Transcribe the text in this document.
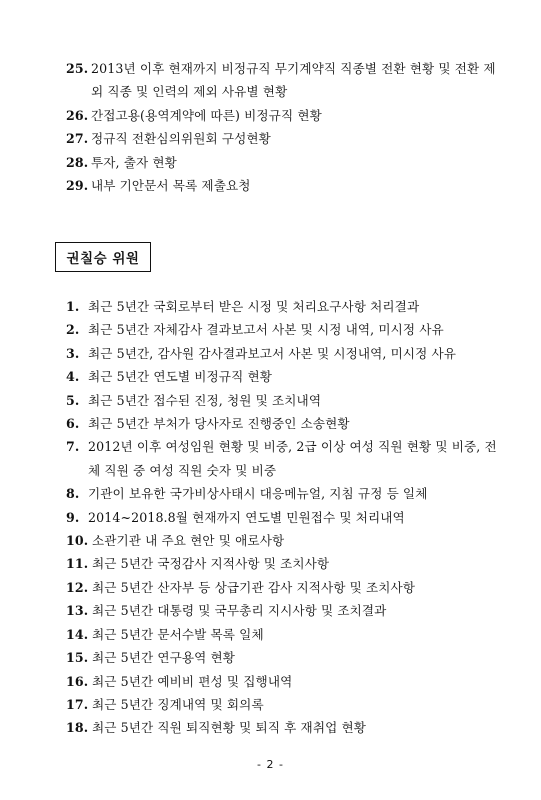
25. 2013년 이후 현재까지 비정규직 무기계약직 직종별 전환 현황 및 전환 제외 직종 및 인력의 제외 사유별 현황
26. 간접고용(용역계약에 따른) 비정규직 현황
27. 정규직 전환심의위원회 구성현황
28. 투자, 출자 현황
29. 내부 기안문서 목록 제출요청
권칠승 위원
1. 최근 5년간 국회로부터 받은 시정 및 처리요구사항 처리결과
2. 최근 5년간 자체감사 결과보고서 사본 및 시정 내역, 미시정 사유
3. 최근 5년간, 감사원 감사결과보고서 사본 및 시정내역, 미시정 사유
4. 최근 5년간 연도별 비정규직 현황
5. 최근 5년간 접수된 진정, 청원 및 조치내역
6. 최근 5년간 부처가 당사자로 진행중인 소송현황
7. 2012년 이후 여성임원 현황 및 비중, 2급 이상 여성 직원 현황 및 비중, 전체 직원 중 여성 직원 숫자 및 비중
8. 기관이 보유한 국가비상사태시 대응메뉴얼, 지침 규정 등 일체
9. 2014~2018.8월 현재까지 연도별 민원접수 및 처리내역
10. 소관기관 내 주요 현안 및 애로사항
11. 최근 5년간 국정감사 지적사항 및 조치사항
12. 최근 5년간 산자부 등 상급기관 감사 지적사항 및 조치사항
13. 최근 5년간 대통령 및 국무총리 지시사항 및 조치결과
14. 최근 5년간 문서수발 목록 일체
15. 최근 5년간 연구용역 현황
16. 최근 5년간 예비비 편성 및 집행내역
17. 최근 5년간 징계내역 및 회의록
18. 최근 5년간 직원 퇴직현황 및 퇴직 후 재취업 현황
- 2 -
